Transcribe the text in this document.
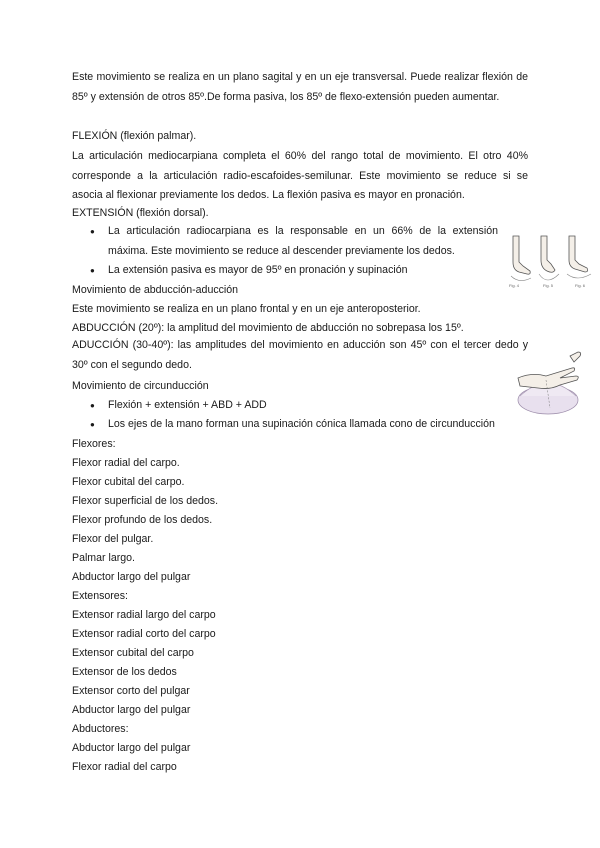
Este movimiento se realiza en un plano sagital y en un eje transversal. Puede realizar flexión de 85º y extensión de otros 85º.De forma pasiva, los 85º de flexo-extensión pueden aumentar.
FLEXIÓN (flexión palmar).
La articulación mediocarpiana completa el 60% del rango total de movimiento. El otro 40% corresponde a la articulación radio-escafoides-semilunar. Este movimiento se reduce si se asocia al flexionar previamente los dedos. La flexión pasiva es mayor en pronación.
EXTENSIÓN (flexión dorsal).
● La articulación radiocarpiana es la responsable en un 66% de la extensión máxima. Este movimiento se reduce al descender previamente los dedos.
● La extensión pasiva es mayor de 95º en pronación y supinación
Movimiento de abducción-aducción
Este movimiento se realiza en un plano frontal y en un eje anteroposterior.
ABDUCCIÓN (20º): la amplitud del movimiento de abducción no sobrepasa los 15º.
ADUCCIÓN (30-40º): las amplitudes del movimiento en aducción son 45º con el tercer dedo y 30º con el segundo dedo.
Movimiento de circunducción
● Flexión + extensión + ABD + ADD
● Los ejes de la mano forman una supinación cónica llamada cono de circunducción
Flexores:
Flexor radial del carpo.
Flexor cubital del carpo.
Flexor superficial de los dedos.
Flexor profundo de los dedos.
Flexor del pulgar.
Palmar largo.
Abductor largo del pulgar
Extensores:
Extensor radial largo del carpo
Extensor radial corto del carpo
Extensor cubital del carpo
Extensor de los dedos
Extensor corto del pulgar
Abductor largo del pulgar
Abductores:
Abductor largo del pulgar
Flexor radial del carpo
Fig. 4	Fig. 5	Fig. 6
